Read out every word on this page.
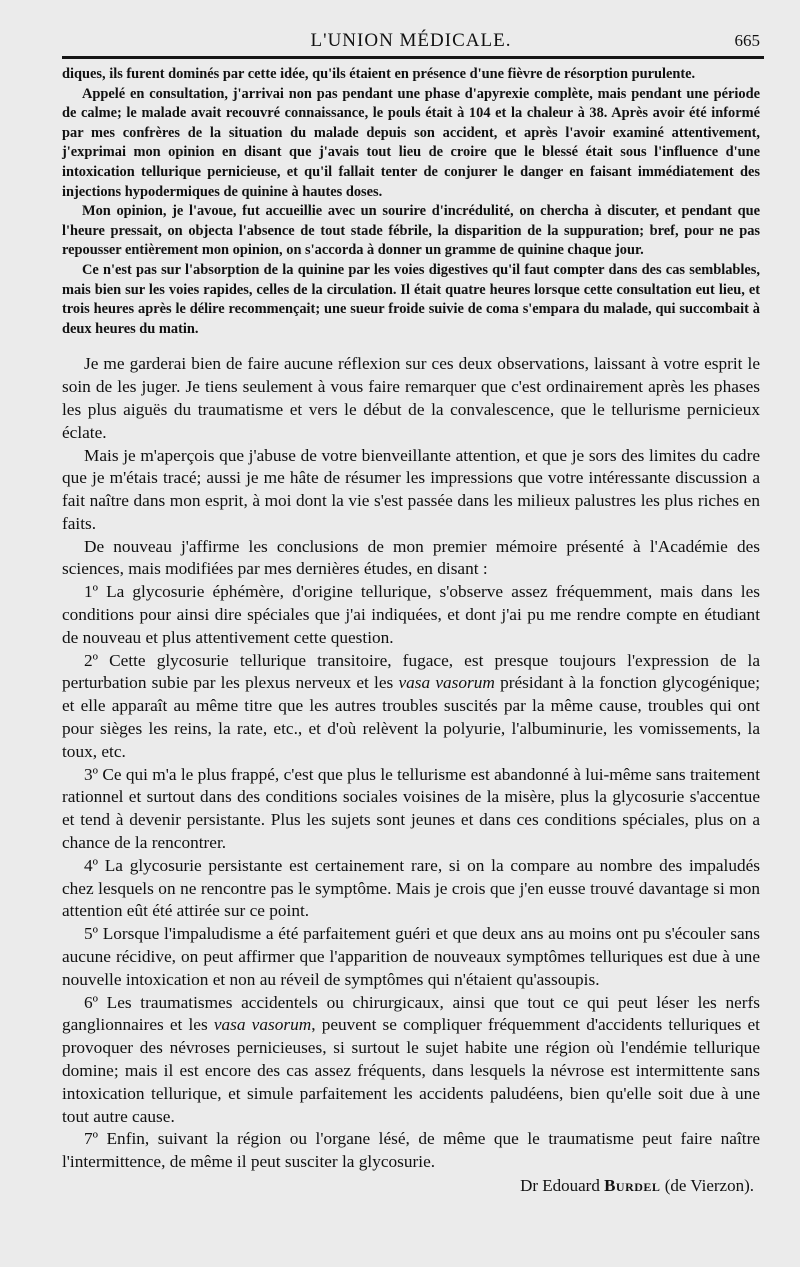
L'UNION MÉDICALE.	665

diques, ils furent dominés par cette idée, qu'ils étaient en présence d'une fièvre de résorption purulente.

Appelé en consultation, j'arrivai non pas pendant une phase d'apyrexie complète, mais pendant une période de calme; le malade avait recouvré connaissance, le pouls était à 104 et la chaleur à 38. Après avoir été informé par mes confrères de la situation du malade depuis son accident, et après l'avoir examiné attentivement, j'exprimai mon opinion en disant que j'avais tout lieu de croire que le blessé était sous l'influence d'une intoxication tellurique pernicieuse, et qu'il fallait tenter de conjurer le danger en faisant immédiatement des injections hypodermiques de quinine à hautes doses.

Mon opinion, je l'avoue, fut accueillie avec un sourire d'incrédulité, on chercha à discuter, et pendant que l'heure pressait, on objecta l'absence de tout stade fébrile, la disparition de la suppuration; bref, pour ne pas repousser entièrement mon opinion, on s'accorda à donner un gramme de quinine chaque jour.

Ce n'est pas sur l'absorption de la quinine par les voies digestives qu'il faut compter dans des cas semblables, mais bien sur les voies rapides, celles de la circulation. Il était quatre heures lorsque cette consultation eut lieu, et trois heures après le délire recommençait; une sueur froide suivie de coma s'empara du malade, qui succombait à deux heures du matin.

Je me garderai bien de faire aucune réflexion sur ces deux observations, laissant à votre esprit le soin de les juger. Je tiens seulement à vous faire remarquer que c'est ordinairement après les phases les plus aiguës du traumatisme et vers le début de la convalescence, que le tellurisme pernicieux éclate.

Mais je m'aperçois que j'abuse de votre bienveillante attention, et que je sors des limites du cadre que je m'étais tracé; aussi je me hâte de résumer les impressions que votre intéressante discussion a fait naître dans mon esprit, à moi dont la vie s'est passée dans les milieux palustres les plus riches en faits.

De nouveau j'affirme les conclusions de mon premier mémoire présenté à l'Académie des sciences, mais modifiées par mes dernières études, en disant :

1º La glycosurie éphémère, d'origine tellurique, s'observe assez fréquemment, mais dans les conditions pour ainsi dire spéciales que j'ai indiquées, et dont j'ai pu me rendre compte en étudiant de nouveau et plus attentivement cette question.

2º Cette glycosurie tellurique transitoire, fugace, est presque toujours l'expression de la perturbation subie par les plexus nerveux et les vasa vasorum présidant à la fonction glycogénique; et elle apparaît au même titre que les autres troubles suscités par la même cause, troubles qui ont pour sièges les reins, la rate, etc., et d'où relèvent la polyurie, l'albuminurie, les vomissements, la toux, etc.

3º Ce qui m'a le plus frappé, c'est que plus le tellurisme est abandonné à lui-même sans traitement rationnel et surtout dans des conditions sociales voisines de la misère, plus la glycosurie s'accentue et tend à devenir persistante. Plus les sujets sont jeunes et dans ces conditions spéciales, plus on a chance de la rencontrer.

4º La glycosurie persistante est certainement rare, si on la compare au nombre des impaludés chez lesquels on ne rencontre pas le symptôme. Mais je crois que j'en eusse trouvé davantage si mon attention eût été attirée sur ce point.

5º Lorsque l'impaludisme a été parfaitement guéri et que deux ans au moins ont pu s'écouler sans aucune récidive, on peut affirmer que l'apparition de nouveaux symptômes telluriques est due à une nouvelle intoxication et non au réveil de symptômes qui n'étaient qu'assoupis.

6º Les traumatismes accidentels ou chirurgicaux, ainsi que tout ce qui peut léser les nerfs ganglionnaires et les vasa vasorum, peuvent se compliquer fréquemment d'accidents telluriques et provoquer des névroses pernicieuses, si surtout le sujet habite une région où l'endémie tellurique domine; mais il est encore des cas assez fréquents, dans lesquels la névrose est intermittente sans intoxication tellurique, et simule parfaitement les accidents paludéens, bien qu'elle soit due à une tout autre cause.

7º Enfin, suivant la région ou l'organe lésé, de même que le traumatisme peut faire naître l'intermittence, de même il peut susciter la glycosurie.

Dr Edouard Burdel (de Vierzon).
